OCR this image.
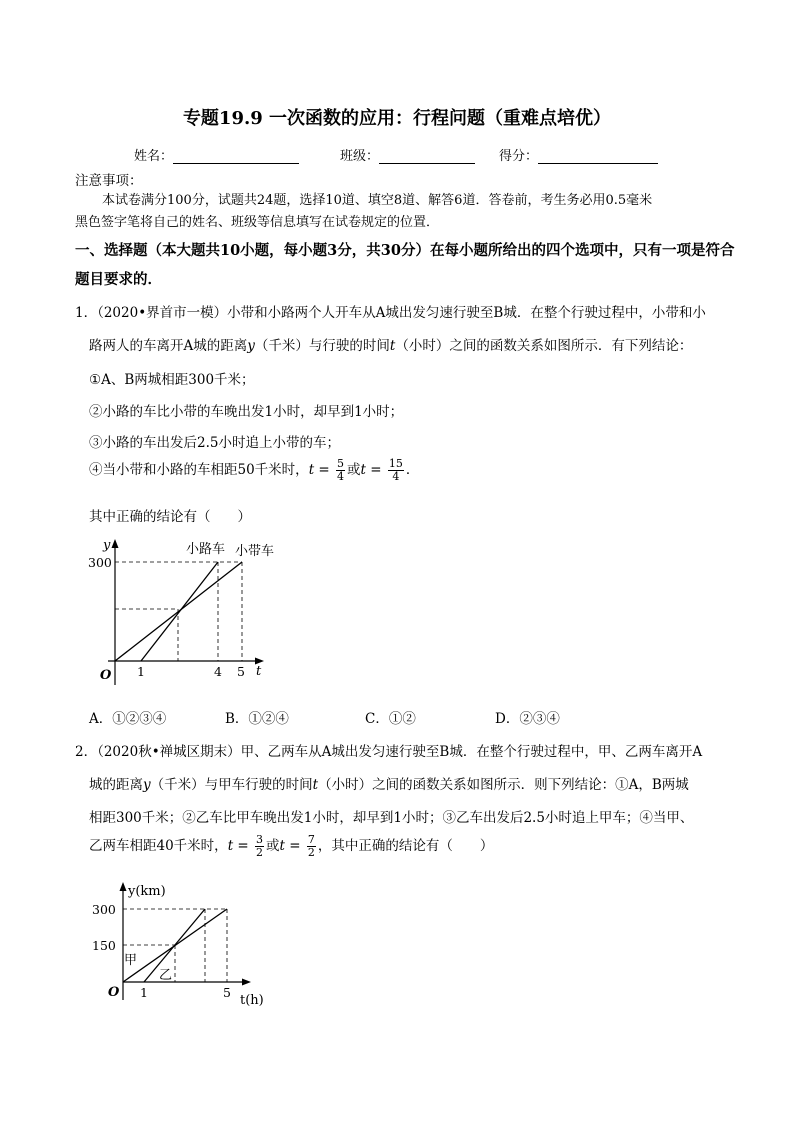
专题19.9 一次函数的应用：行程问题（重难点培优）
姓名：	班级：	得分：
注意事项：
本试卷满分100分，试题共24题，选择10道、填空8道、解答6道．答卷前，考生务必用0.5毫米
黑色签字笔将自己的姓名、班级等信息填写在试卷规定的位置．
一、选择题（本大题共10小题，每小题3分，共30分）在每小题所给出的四个选项中，只有一项是符合
题目要求的．
1．（2020•界首市一模）小带和小路两个人开车从A城出发匀速行驶至B城．在整个行驶过程中，小带和小
路两人的车离开A城的距离y（千米）与行驶的时间t（小时）之间的函数关系如图所示．有下列结论：
①A、B两城相距300千米；
②小路的车比小带的车晚出发1小时，却早到1小时；
③小路的车出发后2.5小时追上小带的车；
④当小带和小路的车相距50千米时，$t = \frac{5}{4}$ 或$t = \frac{15}{4}$ ．
其中正确的结论有（　　）
y
t
O
300
1	4 5
小路车 小带车
A．①②③④	B．①②④	C．①②	D．②③④
2．（2020秋•禅城区期末）甲、乙两车从A城出发匀速行驶至B城．在整个行驶过程中，甲、乙两车离开A
城的距离y（千米）与甲车行驶的时间t（小时）之间的函数关系如图所示．则下列结论：①A，B两城
相距300千米；②乙车比甲车晚出发1小时，却早到1小时；③乙车出发后2.5小时追上甲车；④当甲、
乙两车相距40千米时，$t = \frac{3}{2}$ 或$t = \frac{7}{2}$ ，其中正确的结论有（　　）
y(km)
t(h)
O
300
150
1	5
甲
乙
